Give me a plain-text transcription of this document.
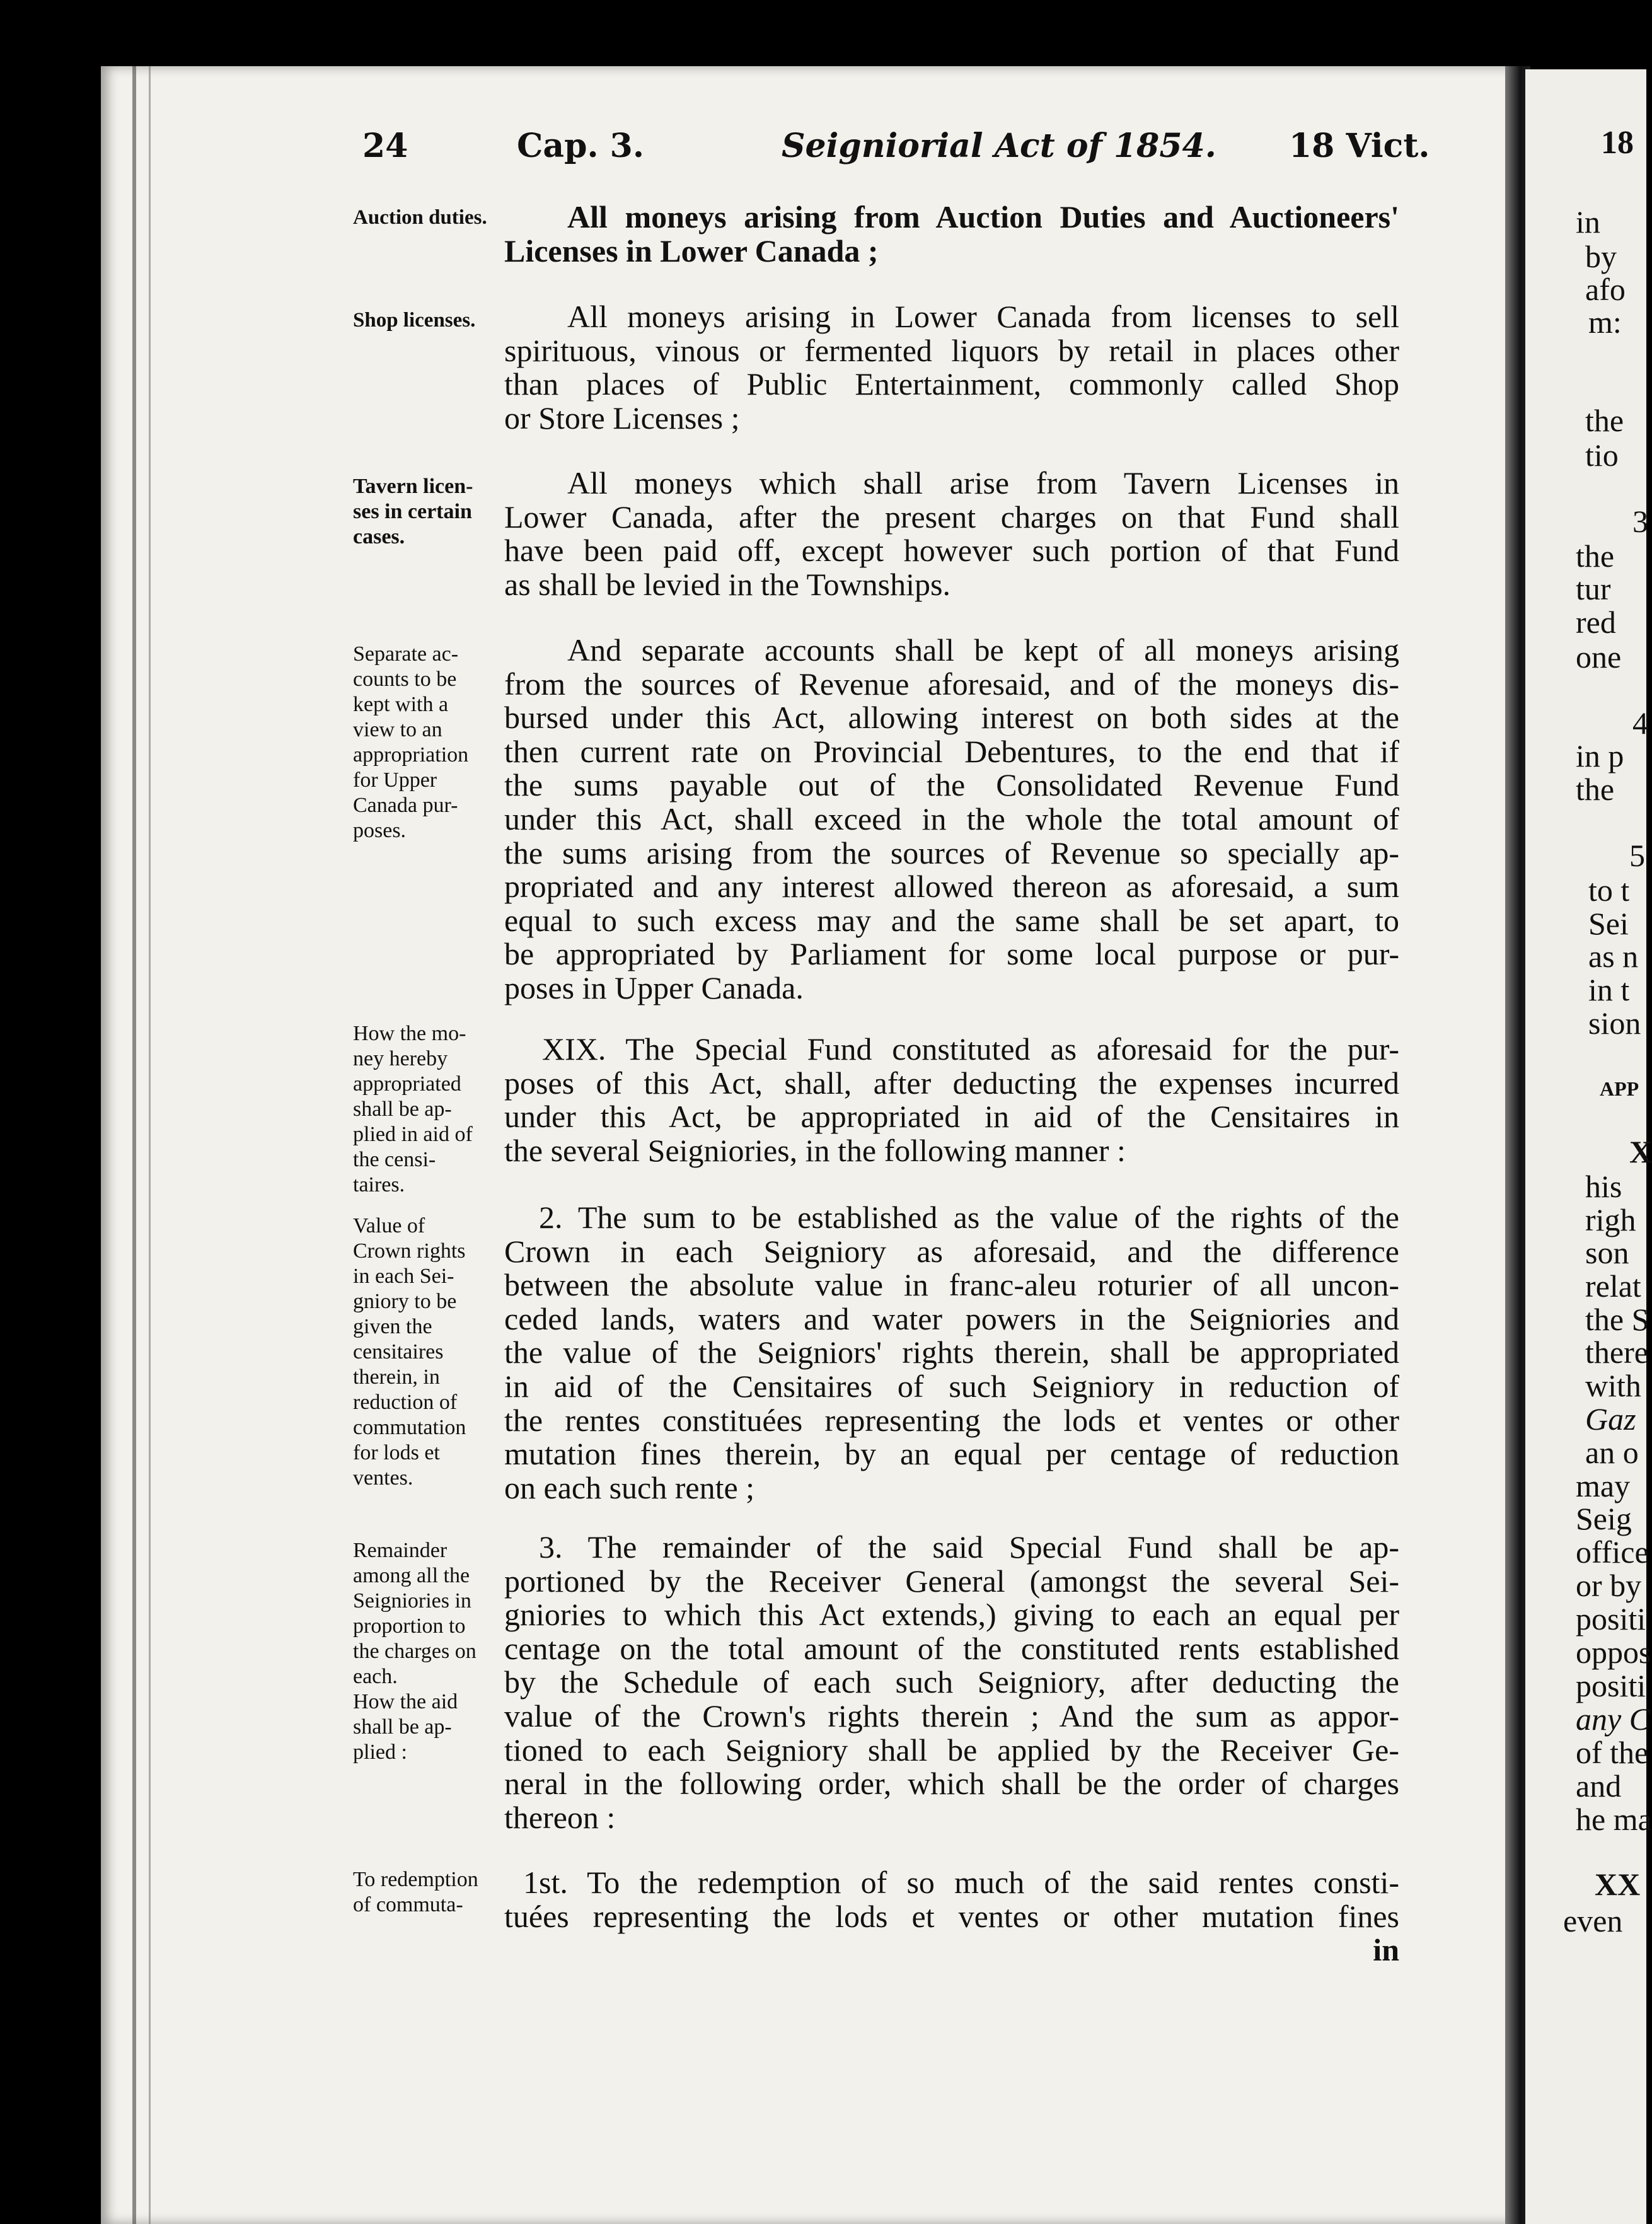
24	Cap. 3.	Seigniorial Act of 1854. 18 Vict.
Auction duties.
Shop licenses.
Tavern licen- ses in certain cases.
Separate ac- counts to be kept with a view to an appropriation for Upper Canada pur- poses.
How the mo- ney hereby appropriated shall be ap- plied in aid of the censi- taires.
Value of Crown rights in each Sei- gniory to be given the censitaires therein, in reduction of commutation for lods et ventes.
Remainder among all the Seigniories in proportion to the charges on each.
How the aid shall be ap- plied :
To redemption of commuta-
All moneys arising from Auction Duties and Auctioneers'
Licenses in Lower Canada ;
All moneys arising in Lower Canada from licenses to sell
spirituous, vinous or fermented liquors by retail in places other
than places of Public Entertainment, commonly called Shop
or Store Licenses ;
All moneys which shall arise from Tavern Licenses in
Lower Canada, after the present charges on that Fund shall
have been paid off, except however such portion of that Fund
as shall be levied in the Townships.
And separate accounts shall be kept of all moneys arising
from the sources of Revenue aforesaid, and of the moneys dis-
bursed under this Act, allowing interest on both sides at the
then current rate on Provincial Debentures, to the end that if
the sums payable out of the Consolidated Revenue Fund
under this Act, shall exceed in the whole the total amount of
the sums arising from the sources of Revenue so specially ap-
propriated and any interest allowed thereon as aforesaid, a sum
equal to such excess may and the same shall be set apart, to
be appropriated by Parliament for some local purpose or pur-
poses in Upper Canada.
XIX. The Special Fund constituted as aforesaid for the pur-
poses of this Act, shall, after deducting the expenses incurred
under this Act, be appropriated in aid of the Censitaires in
the several Seigniories, in the following manner :
2. The sum to be established as the value of the rights of the
Crown in each Seigniory as aforesaid, and the difference
between the absolute value in franc-aleu roturier of all uncon-
ceded lands, waters and water powers in the Seigniories and
the value of the Seigniors' rights therein, shall be appropriated
in aid of the Censitaires of such Seigniory in reduction of
the rentes constituées representing the lods et ventes or other
mutation fines therein, by an equal per centage of reduction
on each such rente ;
3. The remainder of the said Special Fund shall be ap-
portioned by the Receiver General (amongst the several Sei-
gniories to which this Act extends,) giving to each an equal per
centage on the total amount of the constituted rents established
by the Schedule of each such Seigniory, after deducting the
value of the Crown's rights therein ; And the sum as appor-
tioned to each Seigniory shall be applied by the Receiver Ge-
neral in the following order, which shall be the order of charges
thereon :
1st. To the redemption of so much of the said rentes consti-
tuées representing the lods et ventes or other mutation fines
in
18
in
by
afo
m:
the
tio
3
the
tur
red
one
4
in p
the
5
to t
Sei
as n
in t
sion
APP
X
his
righ
son
relat
the S
there
with
Gaz
an o
may
Seig
office
or by
positi
oppos
positi
any C
of the
and
he ma
XX
even
